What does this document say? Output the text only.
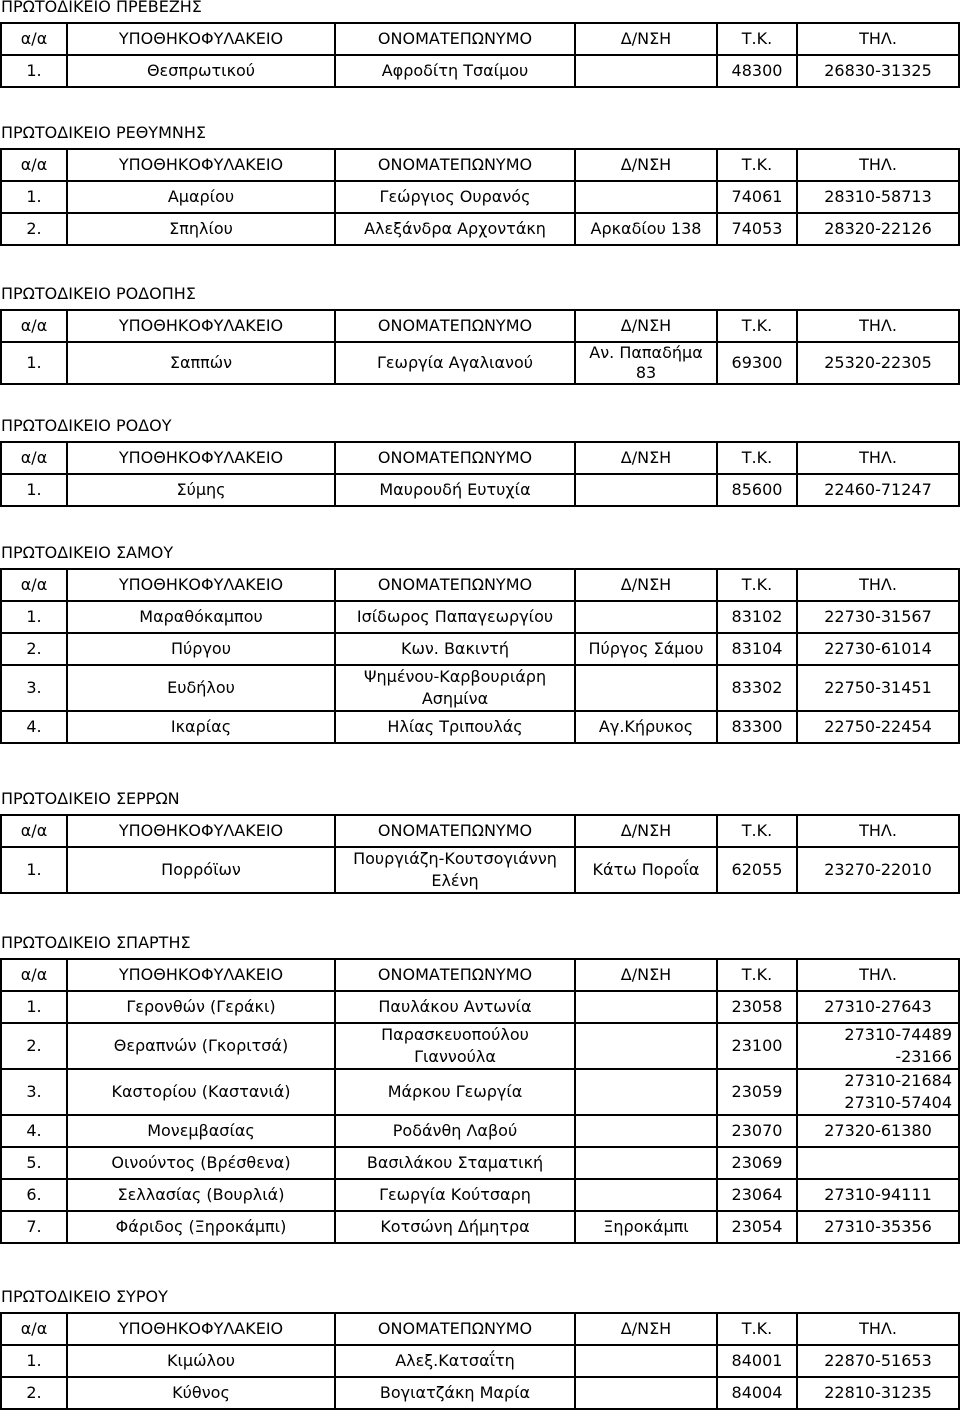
ΠΡΩΤΟΔΙΚΕΙΟ ΠΡΕΒΕΖΗΣ
α/α	ΥΠΟΘΗΚΟΦΥΛΑΚΕΙΟ	ΟΝΟΜΑΤΕΠΩΝΥΜΟ	Δ/ΝΣΗ	Τ.Κ.	ΤΗΛ.
1.	Θεσπρωτικού	Αφροδίτη Τσαίμου		48300	26830-31325
ΠΡΩΤΟΔΙΚΕΙΟ ΡΕΘΥΜΝΗΣ
α/α	ΥΠΟΘΗΚΟΦΥΛΑΚΕΙΟ	ΟΝΟΜΑΤΕΠΩΝΥΜΟ	Δ/ΝΣΗ	Τ.Κ.	ΤΗΛ.
1.	Αμαρίου	Γεώργιος Ουρανός		74061	28310-58713
2.	Σπηλίου	Αλεξάνδρα Αρχοντάκη	Αρκαδίου 138	74053	28320-22126
ΠΡΩΤΟΔΙΚΕΙΟ ΡΟΔΟΠΗΣ
α/α	ΥΠΟΘΗΚΟΦΥΛΑΚΕΙΟ	ΟΝΟΜΑΤΕΠΩΝΥΜΟ	Δ/ΝΣΗ	Τ.Κ.	ΤΗΛ.
1.	Σαππών	Γεωργία Αγαλιανού	Αν. Παπαδήμα 83	69300	25320-22305
ΠΡΩΤΟΔΙΚΕΙΟ ΡΟΔΟΥ
α/α	ΥΠΟΘΗΚΟΦΥΛΑΚΕΙΟ	ΟΝΟΜΑΤΕΠΩΝΥΜΟ	Δ/ΝΣΗ	Τ.Κ.	ΤΗΛ.
1.	Σύμης	Μαυρουδή Ευτυχία		85600	22460-71247
ΠΡΩΤΟΔΙΚΕΙΟ ΣΑΜΟΥ
α/α	ΥΠΟΘΗΚΟΦΥΛΑΚΕΙΟ	ΟΝΟΜΑΤΕΠΩΝΥΜΟ	Δ/ΝΣΗ	Τ.Κ.	ΤΗΛ.
1.	Μαραθόκαμπου	Ισίδωρος Παπαγεωργίου		83102	22730-31567
2.	Πύργου	Κων. Βακιντή	Πύργος Σάμου	83104	22730-61014
3.	Ευδήλου	Ψημένου-Καρβουριάρη Ασημίνα		83302	22750-31451
4.	Ικαρίας	Ηλίας Τριπουλάς	Αγ.Κήρυκος	83300	22750-22454
ΠΡΩΤΟΔΙΚΕΙΟ ΣΕΡΡΩΝ
α/α	ΥΠΟΘΗΚΟΦΥΛΑΚΕΙΟ	ΟΝΟΜΑΤΕΠΩΝΥΜΟ	Δ/ΝΣΗ	Τ.Κ.	ΤΗΛ.
1.	Πορρόϊων	Πουργιάζη-Κουτσογιάννη Ελένη	Κάτω Πορoΐα	62055	23270-22010
ΠΡΩΤΟΔΙΚΕΙΟ ΣΠΑΡΤΗΣ
α/α	ΥΠΟΘΗΚΟΦΥΛΑΚΕΙΟ	ΟΝΟΜΑΤΕΠΩΝΥΜΟ	Δ/ΝΣΗ	Τ.Κ.	ΤΗΛ.
1.	Γερονθών (Γεράκι)	Παυλάκου Αντωνία		23058	27310-27643
2.	Θεραπνών (Γκοριτσά)	Παρασκευοπούλου Γιαννούλα		23100	27310-74489 -23166
3.	Καστορίου (Καστανιά)	Μάρκου Γεωργία		23059	27310-21684 27310-57404
4.	Μονεμβασίας	Ροδάνθη Λαβού		23070	27320-61380
5.	Οινούντος (Βρέσθενα)	Βασιλάκου Σταματική		23069	
6.	Σελλασίας (Βουρλιά)	Γεωργία Κούτσαρη		23064	27310-94111
7.	Φάριδος (Ξηροκάμπι)	Κοτσώνη Δήμητρα	Ξηροκάμπι	23054	27310-35356
ΠΡΩΤΟΔΙΚΕΙΟ ΣΥΡΟΥ
α/α	ΥΠΟΘΗΚΟΦΥΛΑΚΕΙΟ	ΟΝΟΜΑΤΕΠΩΝΥΜΟ	Δ/ΝΣΗ	Τ.Κ.	ΤΗΛ.
1.	Κιμώλου	Αλεξ.Κατσαΐτη		84001	22870-51653
2.	Κύθνος	Βογιατζάκη Μαρία		84004	22810-31235
